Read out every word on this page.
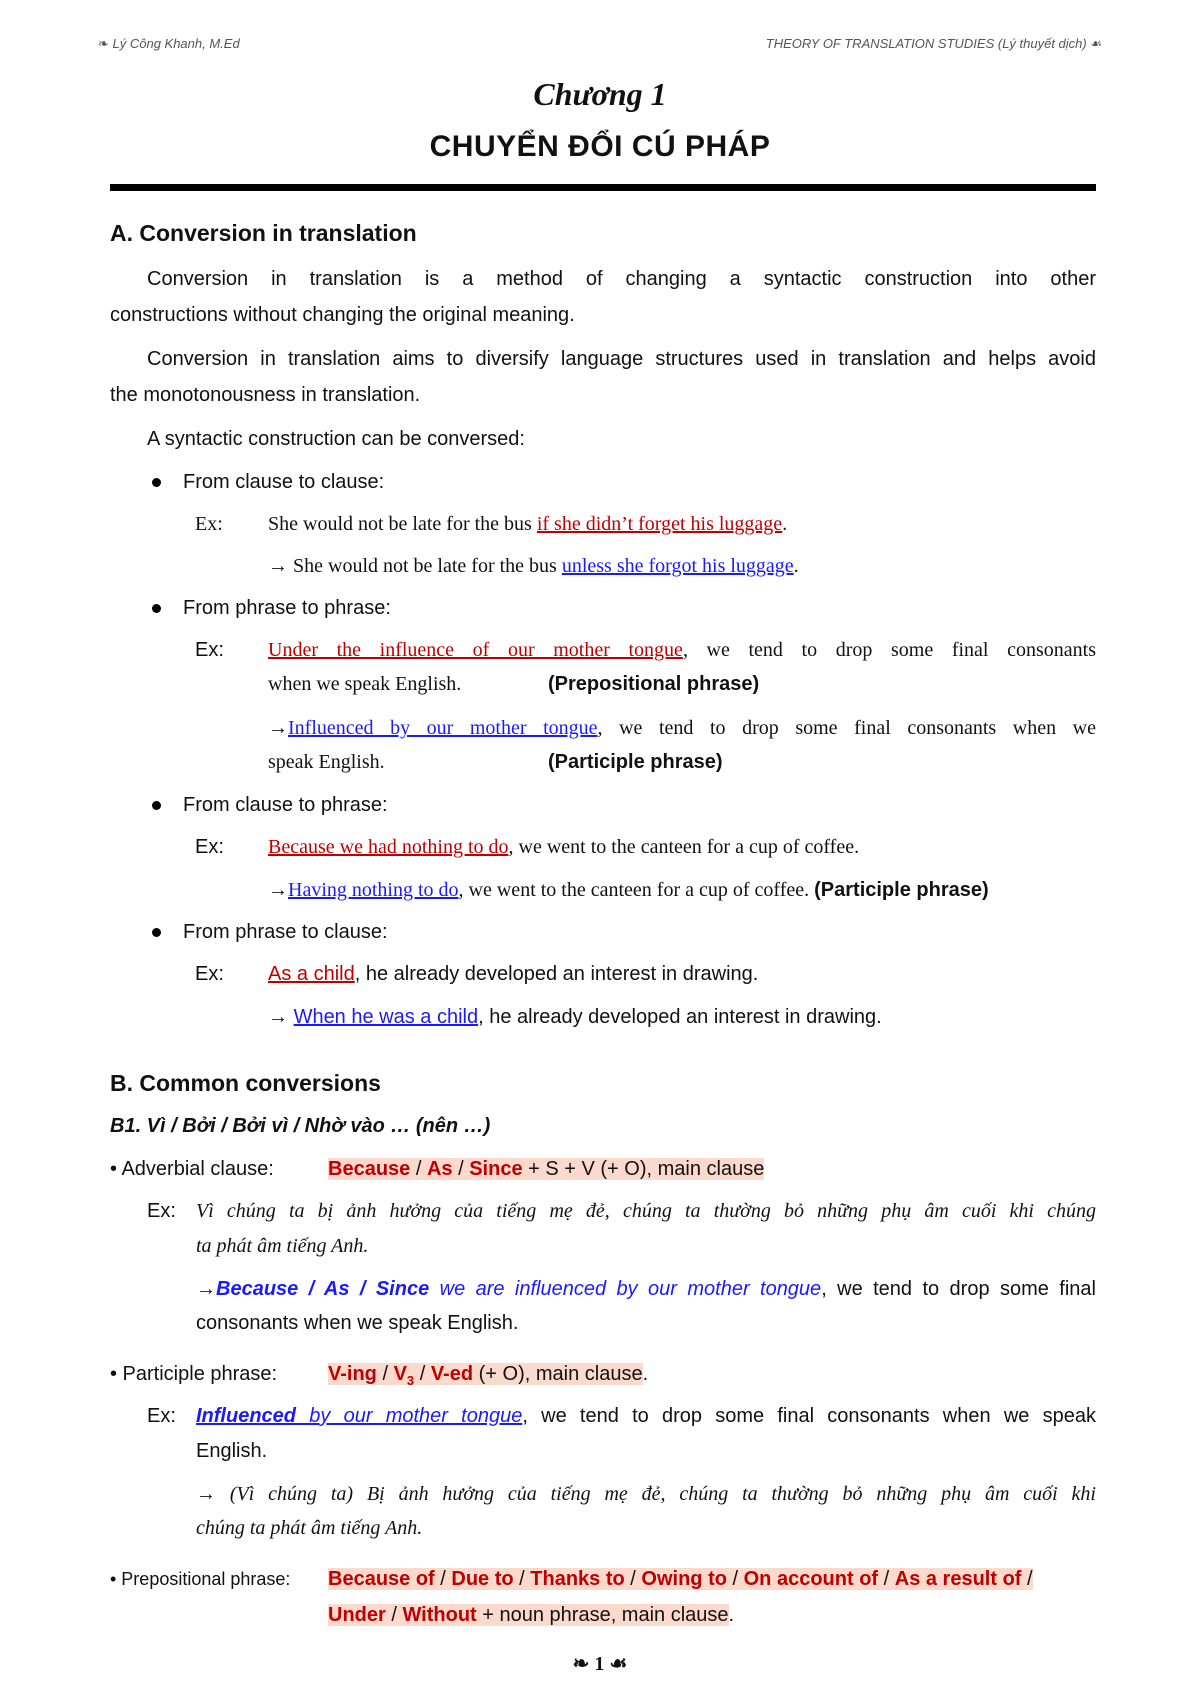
❧ Lý Công Khanh, M.Ed	THEORY OF TRANSLATION STUDIES (Lý thuyết dịch) ☙
Chương 1
CHUYỂN ĐỔI CÚ PHÁP
A. Conversion in translation
Conversion in translation is a method of changing a syntactic construction into other
constructions without changing the original meaning.
Conversion in translation aims to diversify language structures used in translation and helps avoid
the monotonousness in translation.
A syntactic construction can be conversed:
From clause to clause:
Ex: She would not be late for the bus if she didn’t forget his luggage.
→ She would not be late for the bus unless she forgot his luggage.
From phrase to phrase:
Ex: Under the influence of our mother tongue, we tend to drop some final consonants
when we speak English.	(Prepositional phrase)
→Influenced by our mother tongue, we tend to drop some final consonants when we
speak English.	(Participle phrase)
From clause to phrase:
Ex: Because we had nothing to do, we went to the canteen for a cup of coffee.
→Having nothing to do, we went to the canteen for a cup of coffee. (Participle phrase)
From phrase to clause:
Ex: As a child, he already developed an interest in drawing.
→ When he was a child, he already developed an interest in drawing.
B. Common conversions
B1. Vì / Bởi / Bởi vì / Nhờ vào … (nên …)
• Adverbial clause:	Because / As / Since + S + V (+ O), main clause
Ex:	Vì chúng ta bị ảnh hưởng của tiếng mẹ đẻ, chúng ta thường bỏ những phụ âm cuối khi chúng
ta phát âm tiếng Anh.
→Because / As / Since we are influenced by our mother tongue, we tend to drop some final
consonants when we speak English.
• Participle phrase:	$V-ing / V_3 / V-ed$ (+ O), main clause.
Ex:	Influenced by our mother tongue, we tend to drop some final consonants when we speak
English.
→ (Vì chúng ta) Bị ảnh hưởng của tiếng mẹ đẻ, chúng ta thường bỏ những phụ âm cuối khi
chúng ta phát âm tiếng Anh.
• Prepositional phrase:	Because of / Due to / Thanks to / Owing to / On account of / As a result of /
Under / Without + noun phrase, main clause.
❧ 1 ☙
